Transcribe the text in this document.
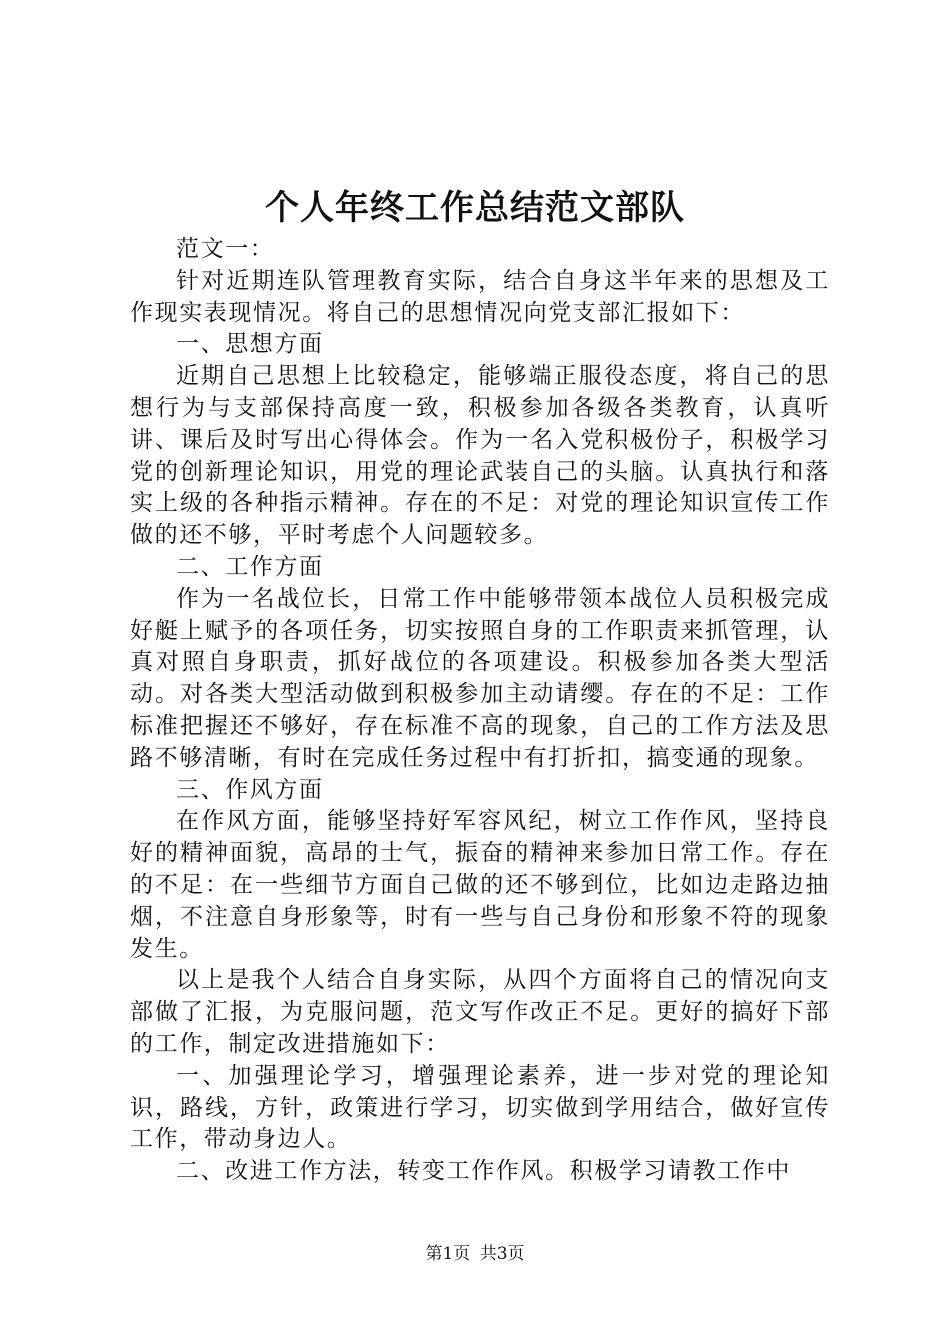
个人年终工作总结范文部队

范文一：

针对近期连队管理教育实际，结合自身这半年来的思想及工作现实表现情况。将自己的思想情况向党支部汇报如下：

一、思想方面

近期自己思想上比较稳定，能够端正服役态度，将自己的思想行为与支部保持高度一致，积极参加各级各类教育，认真听讲、课后及时写出心得体会。作为一名入党积极份子，积极学习党的创新理论知识，用党的理论武装自己的头脑。认真执行和落实上级的各种指示精神。存在的不足：对党的理论知识宣传工作做的还不够，平时考虑个人问题较多。

二、工作方面

作为一名战位长，日常工作中能够带领本战位人员积极完成好艇上赋予的各项任务，切实按照自身的工作职责来抓管理，认真对照自身职责，抓好战位的各项建设。积极参加各类大型活动。对各类大型活动做到积极参加主动请缨。存在的不足：工作标准把握还不够好，存在标准不高的现象，自己的工作方法及思路不够清晰，有时在完成任务过程中有打折扣，搞变通的现象。

三、作风方面

在作风方面，能够坚持好军容风纪，树立工作作风，坚持良好的精神面貌，高昂的士气，振奋的精神来参加日常工作。存在的不足：在一些细节方面自己做的还不够到位，比如边走路边抽烟，不注意自身形象等，时有一些与自己身份和形象不符的现象发生。

以上是我个人结合自身实际，从四个方面将自己的情况向支部做了汇报，为克服问题，范文写作改正不足。更好的搞好下部的工作，制定改进措施如下：

一、加强理论学习，增强理论素养，进一步对党的理论知识，路线，方针，政策进行学习，切实做到学用结合，做好宣传工作，带动身边人。

二、改进工作方法，转变工作作风。积极学习请教工作中

第1页 共3页
